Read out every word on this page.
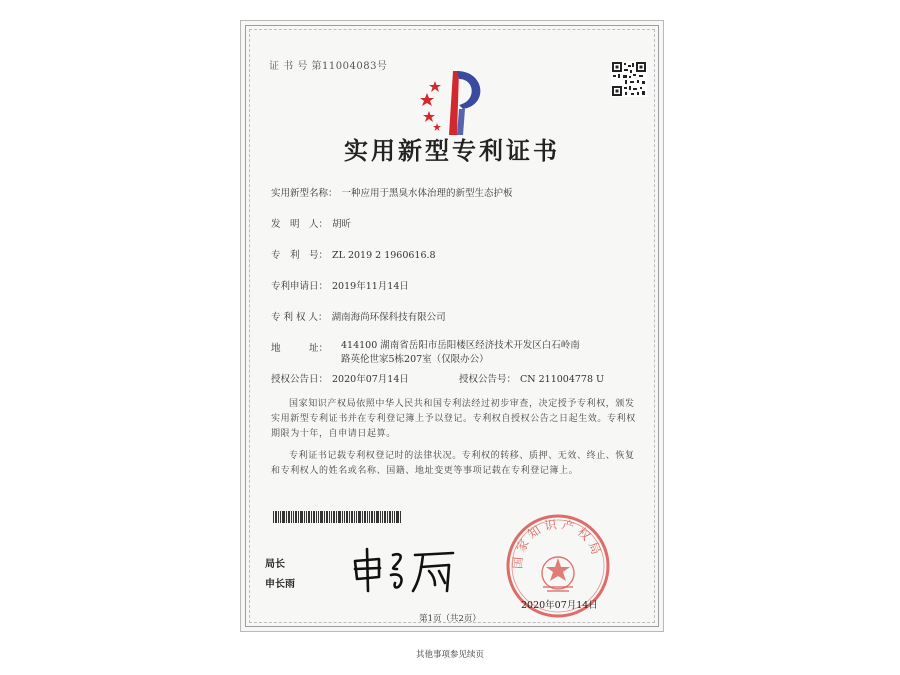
证 书 号 第11004083号
实用新型专利证书
实用新型名称： 一种应用于黑臭水体治理的新型生态护板
发　明　人： 胡昕
专　利　号： ZL 2019 2 1960616.8
专利申请日： 2019年11月14日
专 利 权 人： 湖南海尚环保科技有限公司
地　　　址： 414100 湖南省岳阳市岳阳楼区经济技术开发区白石岭南
路英伦世家5栋207室（仅限办公）
授权公告日： 2020年07月14日	授权公告号： CN 211004778 U
国家知识产权局依照中华人民共和国专利法经过初步审查，决定授予专利权，颁发实用新型专利证书并在专利登记簿上予以登记。专利权自授权公告之日起生效。专利权期限为十年，自申请日起算。
专利证书记载专利权登记时的法律状况。专利权的转移、质押、无效、终止、恢复和专利权人的姓名或名称、国籍、地址变更等事项记载在专利登记簿上。
局长
申长雨
国家知识产权局
2020年07月14日
第1页（共2页）
其他事项参见续页
